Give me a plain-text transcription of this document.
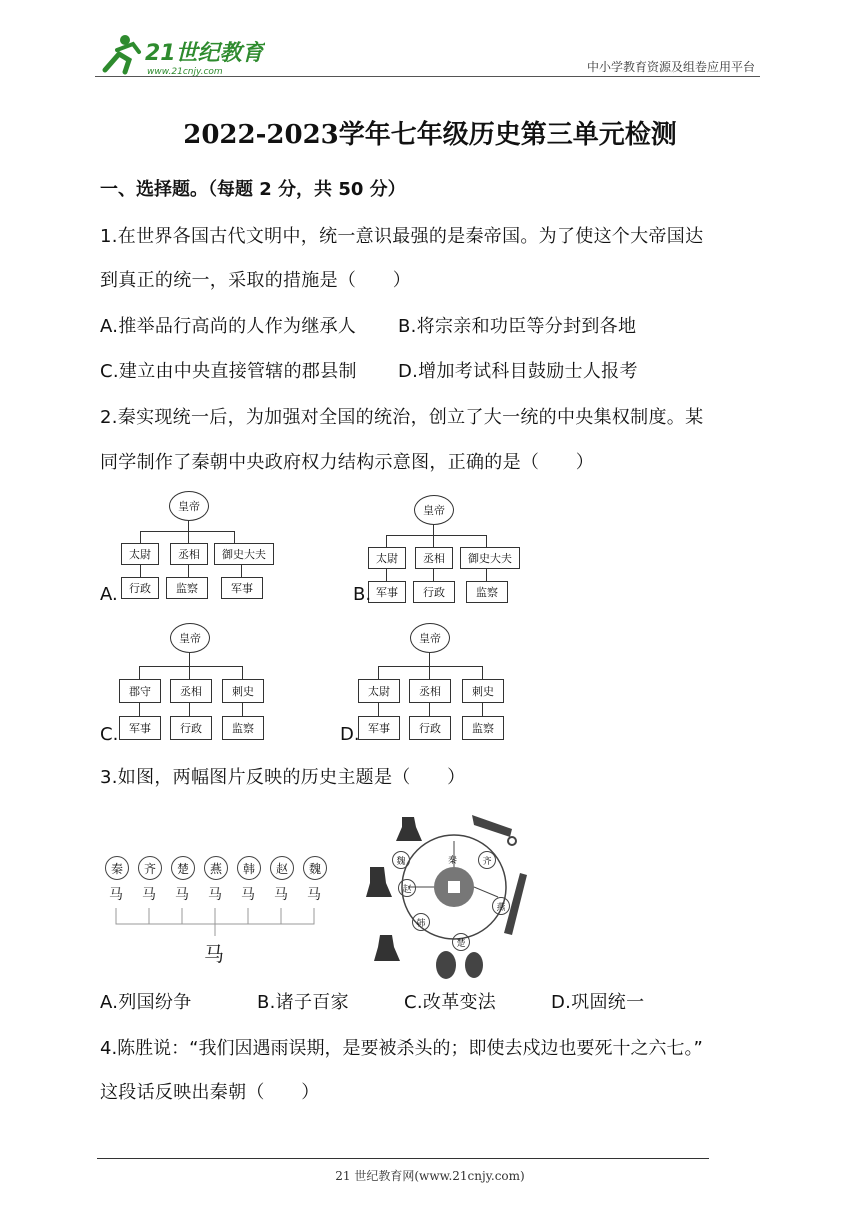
21世纪教育
www.21cnjy.com	中小学教育资源及组卷应用平台
2022-2023学年七年级历史第三单元检测
一、选择题。（每题 2 分，共 50 分）
1.在世界各国古代文明中，统一意识最强的是秦帝国。为了使这个大帝国达
到真正的统一，采取的措施是（　　）
A.推举品行高尚的人作为继承人 B.将宗亲和功臣等分封到各地
C.建立由中央直接管辖的郡县制 D.增加考试科目鼓励士人报考
2.秦实现统一后，为加强对全国的统治，创立了大一统的中央集权制度。某
同学制作了秦朝中央政府权力结构示意图，正确的是（　　）
皇帝
太尉	丞相	御史大夫
行政	监察	军事
A.
皇帝
太尉	丞相	御史大夫
军事	行政	监察
B.
皇帝
郡守	丞相	刺史
军事	行政	监察
C.
皇帝
太尉	丞相	刺史
军事	行政	监察
D.
3.如图，两幅图片反映的历史主题是（　　）
秦	齐	楚	燕	韩	赵	魏
马 马 马 马 马 马 马
马
魏	齐
赵
燕
韩
楚
秦
A.列国纷争	B.诸子百家	C.改革变法	D.巩固统一
4.陈胜说：“我们因遇雨误期，是要被杀头的；即使去戍边也要死十之六七。”
这段话反映出秦朝（　　）
21 世纪教育网(www.21cnjy.com)
